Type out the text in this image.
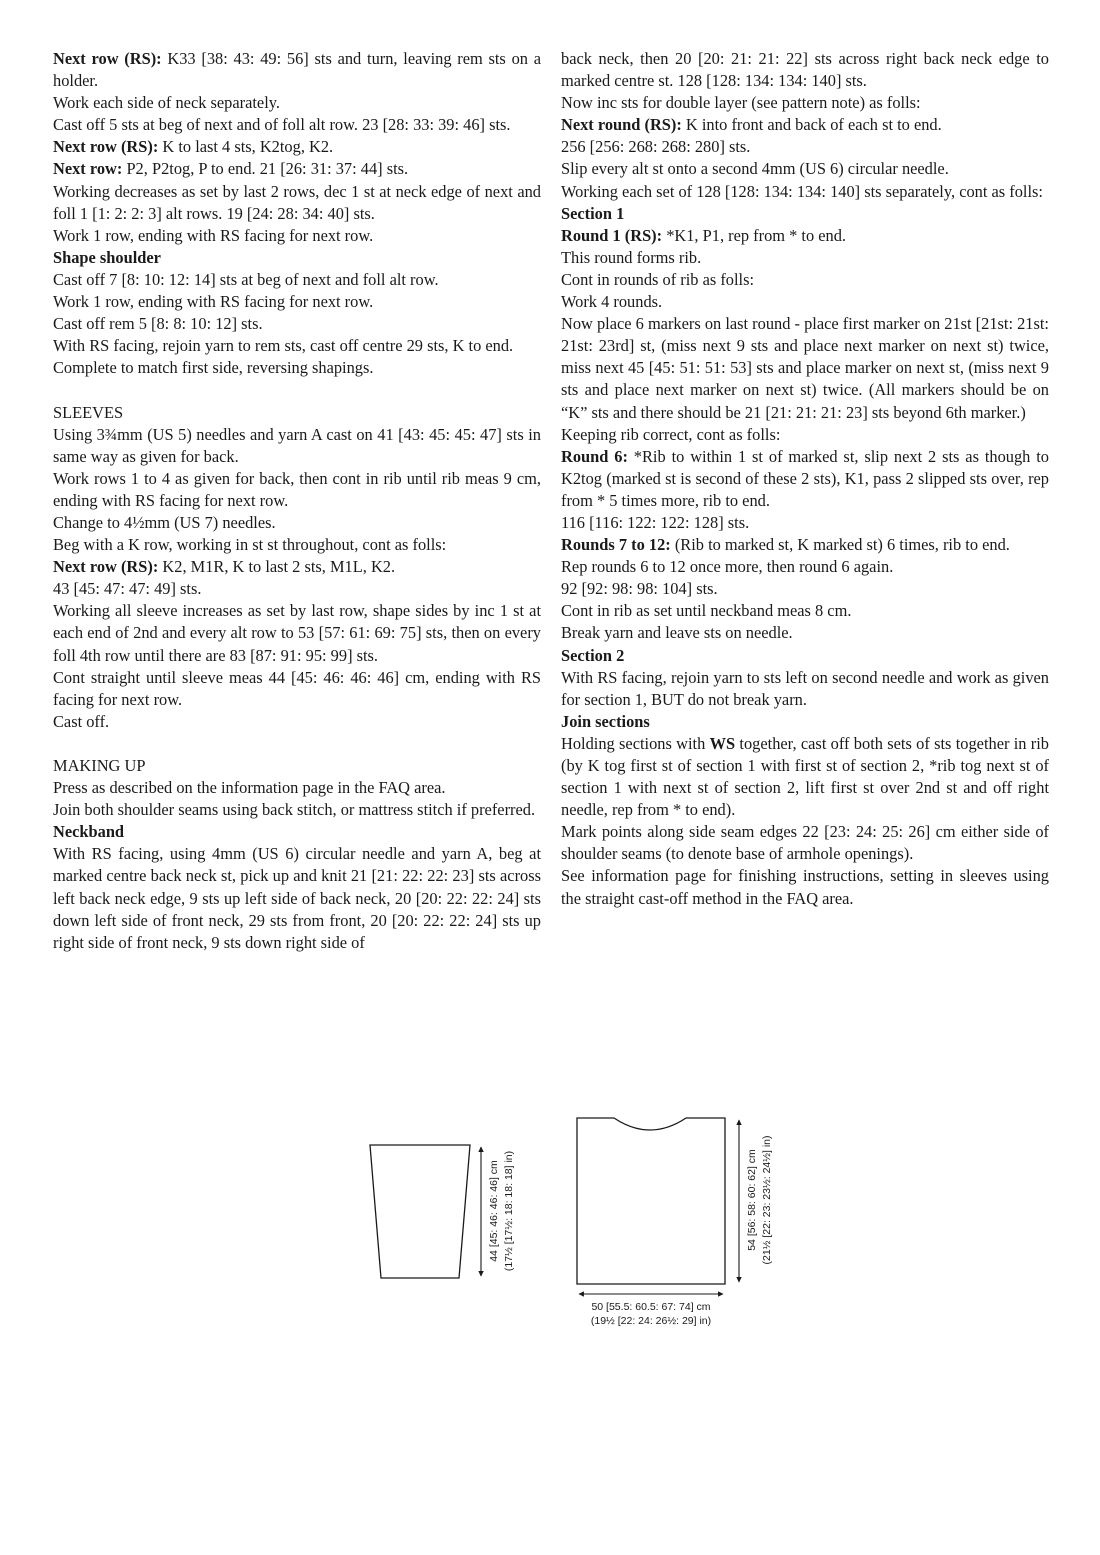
Next row (RS): K33 [38: 43: 49: 56] sts and turn, leaving rem sts on a holder.

Work each side of neck separately.

Cast off 5 sts at beg of next and of foll alt row. 23 [28: 33: 39: 46] sts.

Next row (RS): K to last 4 sts, K2tog, K2.

Next row: P2, P2tog, P to end. 21 [26: 31: 37: 44] sts.

Working decreases as set by last 2 rows, dec 1 st at neck edge of next and foll 1 [1: 2: 2: 3] alt rows. 19 [24: 28: 34: 40] sts.

Work 1 row, ending with RS facing for next row.

Shape shoulder

Cast off 7 [8: 10: 12: 14] sts at beg of next and foll alt row.

Work 1 row, ending with RS facing for next row.

Cast off rem 5 [8: 8: 10: 12] sts.

With RS facing, rejoin yarn to rem sts, cast off centre 29 sts, K to end.

Complete to match first side, reversing shapings.

SLEEVES

Using 3¾mm (US 5) needles and yarn A cast on 41 [43: 45: 45: 47] sts in same way as given for back.

Work rows 1 to 4 as given for back, then cont in rib until rib meas 9 cm, ending with RS facing for next row.

Change to 4½mm (US 7) needles.

Beg with a K row, working in st st throughout, cont as folls:

Next row (RS): K2, M1R, K to last 2 sts, M1L, K2.

43 [45: 47: 47: 49] sts.

Working all sleeve increases as set by last row, shape sides by inc 1 st at each end of 2nd and every alt row to 53 [57: 61: 69: 75] sts, then on every foll 4th row until there are 83 [87: 91: 95: 99] sts.

Cont straight until sleeve meas 44 [45: 46: 46: 46] cm, ending with RS facing for next row.

Cast off.

MAKING UP

Press as described on the information page in the FAQ area.

Join both shoulder seams using back stitch, or mattress stitch if preferred.

Neckband

With RS facing, using 4mm (US 6) circular needle and yarn A, beg at marked centre back neck st, pick up and knit 21 [21: 22: 22: 23] sts across left back neck edge, 9 sts up left side of back neck, 20 [20: 22: 22: 24] sts down left side of front neck, 29 sts from front, 20 [20: 22: 22: 24] sts up right side of front neck, 9 sts down right side of

back neck, then 20 [20: 21: 21: 22] sts across right back neck edge to marked centre st. 128 [128: 134: 134: 140] sts.

Now inc sts for double layer (see pattern note) as folls:

Next round (RS): K into front and back of each st to end.

256 [256: 268: 268: 280] sts.

Slip every alt st onto a second 4mm (US 6) circular needle.

Working each set of 128 [128: 134: 134: 140] sts separately, cont as folls:

Section 1

Round 1 (RS): *K1, P1, rep from * to end.

This round forms rib.

Cont in rounds of rib as folls:

Work 4 rounds.

Now place 6 markers on last round - place first marker on 21st [21st: 21st: 21st: 23rd] st, (miss next 9 sts and place next marker on next st) twice, miss next 45 [45: 51: 51: 53] sts and place marker on next st, (miss next 9 sts and place next marker on next st) twice. (All markers should be on “K” sts and there should be 21 [21: 21: 21: 23] sts beyond 6th marker.)

Keeping rib correct, cont as folls:

Round 6: *Rib to within 1 st of marked st, slip next 2 sts as though to K2tog (marked st is second of these 2 sts), K1, pass 2 slipped sts over, rep from * 5 times more, rib to end.

116 [116: 122: 122: 128] sts.

Rounds 7 to 12: (Rib to marked st, K marked st) 6 times, rib to end.

Rep rounds 6 to 12 once more, then round 6 again.

92 [92: 98: 98: 104] sts.

Cont in rib as set until neckband meas 8 cm.

Break yarn and leave sts on needle.

Section 2

With RS facing, rejoin yarn to sts left on second needle and work as given for section 1, BUT do not break yarn.

Join sections

Holding sections with WS together, cast off both sets of sts together in rib (by K tog first st of section 1 with first st of section 2, *rib tog next st of section 1 with next st of section 2, lift first st over 2nd st and off right needle, rep from * to end).

Mark points along side seam edges 22 [23: 24: 25: 26] cm either side of shoulder seams (to denote base of armhole openings).

See information page for finishing instructions, setting in sleeves using the straight cast-off method in the FAQ area.

44 [45: 46: 46: 46] cm (17½ [17½: 18: 18: 18] in)	54 [56: 58: 60: 62] cm (21½ [22: 23: 23½: 24½] in)
50 [55.5: 60.5: 67: 74] cm
(19½ [22: 24: 26½: 29] in)
